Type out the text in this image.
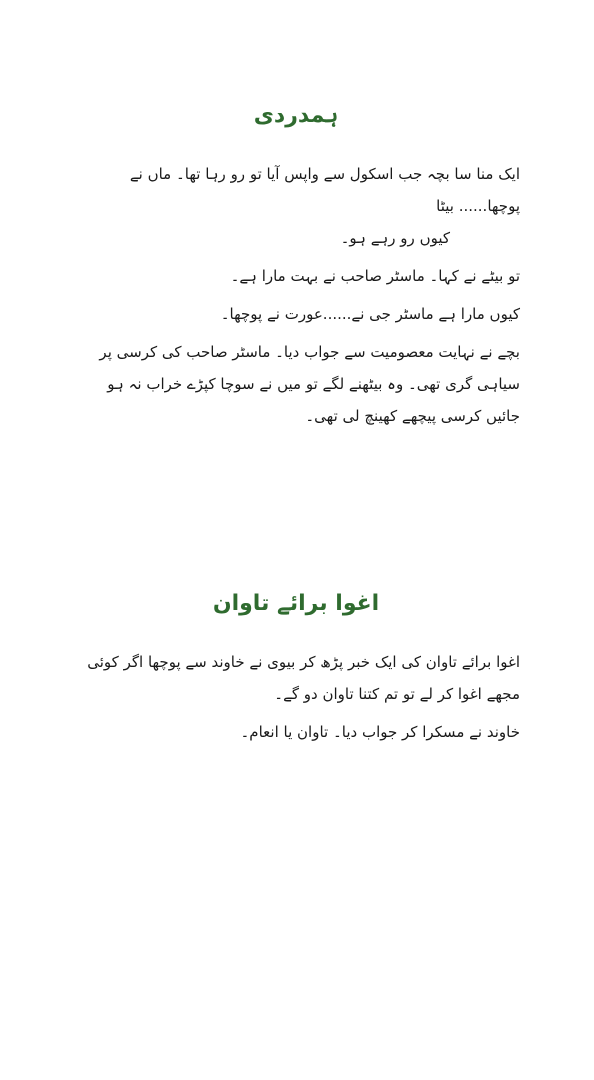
ہمدردی

ایک منا سا بچہ جب اسکول سے واپس آیا تو رو رہا تھا۔ ماں نے پوچھا...... بیٹا
کیوں رو رہے ہو۔

تو بیٹے نے کہا۔ ماسٹر صاحب نے بہت مارا ہے۔

کیوں مارا ہے ماسٹر جی نے......عورت نے پوچھا۔

بچے نے نہایت معصومیت سے جواب دیا۔ ماسٹر صاحب کی کرسی پر سیاہی گری تھی۔ وہ بیٹھنے لگے تو میں نے سوچا کپڑے خراب نہ ہو جائیں کرسی پیچھے کھینچ لی تھی۔

اغوا برائے تاوان

اغوا برائے تاوان کی ایک خبر پڑھ کر بیوی نے خاوند سے پوچھا اگر کوئی مجھے اغوا کر لے تو تم کتنا تاوان دو گے۔

خاوند نے مسکرا کر جواب دیا۔ تاوان یا انعام۔
